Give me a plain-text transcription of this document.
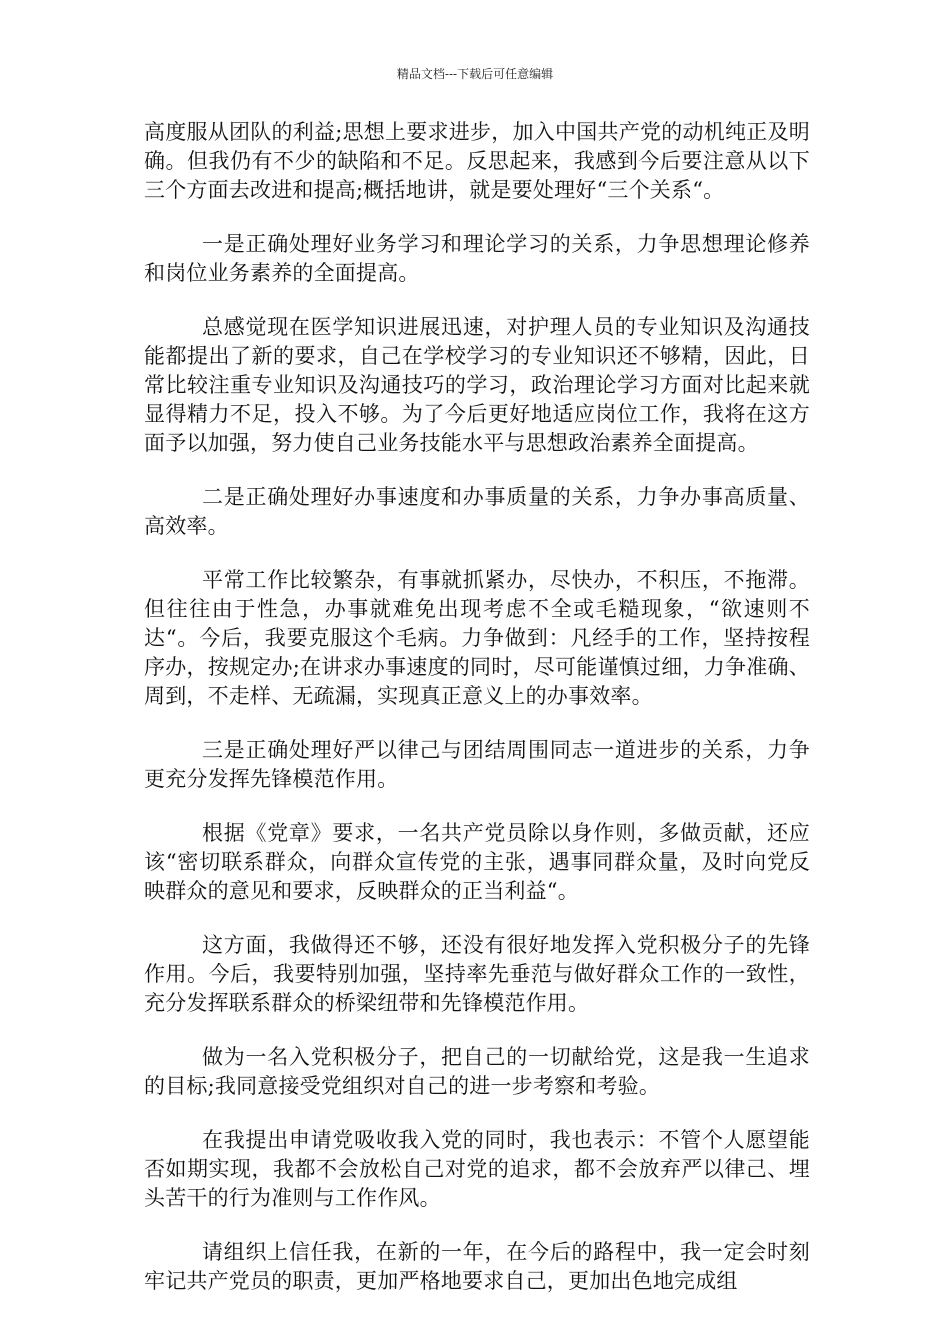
精品文档---下载后可任意编辑

高度服从团队的利益;思想上要求进步，加入中国共产党的动机纯正及明确。但我仍有不少的缺陷和不足。反思起来，我感到今后要注意从以下三个方面去改进和提高;概括地讲，就是要处理好“三个关系“。

一是正确处理好业务学习和理论学习的关系，力争思想理论修养和岗位业务素养的全面提高。

总感觉现在医学知识进展迅速，对护理人员的专业知识及沟通技能都提出了新的要求，自己在学校学习的专业知识还不够精，因此，日常比较注重专业知识及沟通技巧的学习，政治理论学习方面对比起来就显得精力不足，投入不够。为了今后更好地适应岗位工作，我将在这方面予以加强，努力使自己业务技能水平与思想政治素养全面提高。

二是正确处理好办事速度和办事质量的关系，力争办事高质量、高效率。

平常工作比较繁杂，有事就抓紧办，尽快办，不积压，不拖滞。但往往由于性急，办事就难免出现考虑不全或毛糙现象，“欲速则不达“。今后，我要克服这个毛病。力争做到：凡经手的工作，坚持按程序办，按规定办;在讲求办事速度的同时，尽可能谨慎过细，力争准确、周到，不走样、无疏漏，实现真正意义上的办事效率。

三是正确处理好严以律己与团结周围同志一道进步的关系，力争更充分发挥先锋模范作用。

根据《党章》要求，一名共产党员除以身作则，多做贡献，还应该“密切联系群众，向群众宣传党的主张，遇事同群众量，及时向党反映群众的意见和要求，反映群众的正当利益“。

这方面，我做得还不够，还没有很好地发挥入党积极分子的先锋作用。今后，我要特别加强，坚持率先垂范与做好群众工作的一致性，充分发挥联系群众的桥梁纽带和先锋模范作用。

做为一名入党积极分子，把自己的一切献给党，这是我一生追求的目标;我同意接受党组织对自己的进一步考察和考验。

在我提出申请党吸收我入党的同时，我也表示：不管个人愿望能否如期实现，我都不会放松自己对党的追求，都不会放弃严以律己、埋头苦干的行为准则与工作作风。

请组织上信任我，在新的一年，在今后的路程中，我一定会时刻牢记共产党员的职责，更加严格地要求自己，更加出色地完成组
